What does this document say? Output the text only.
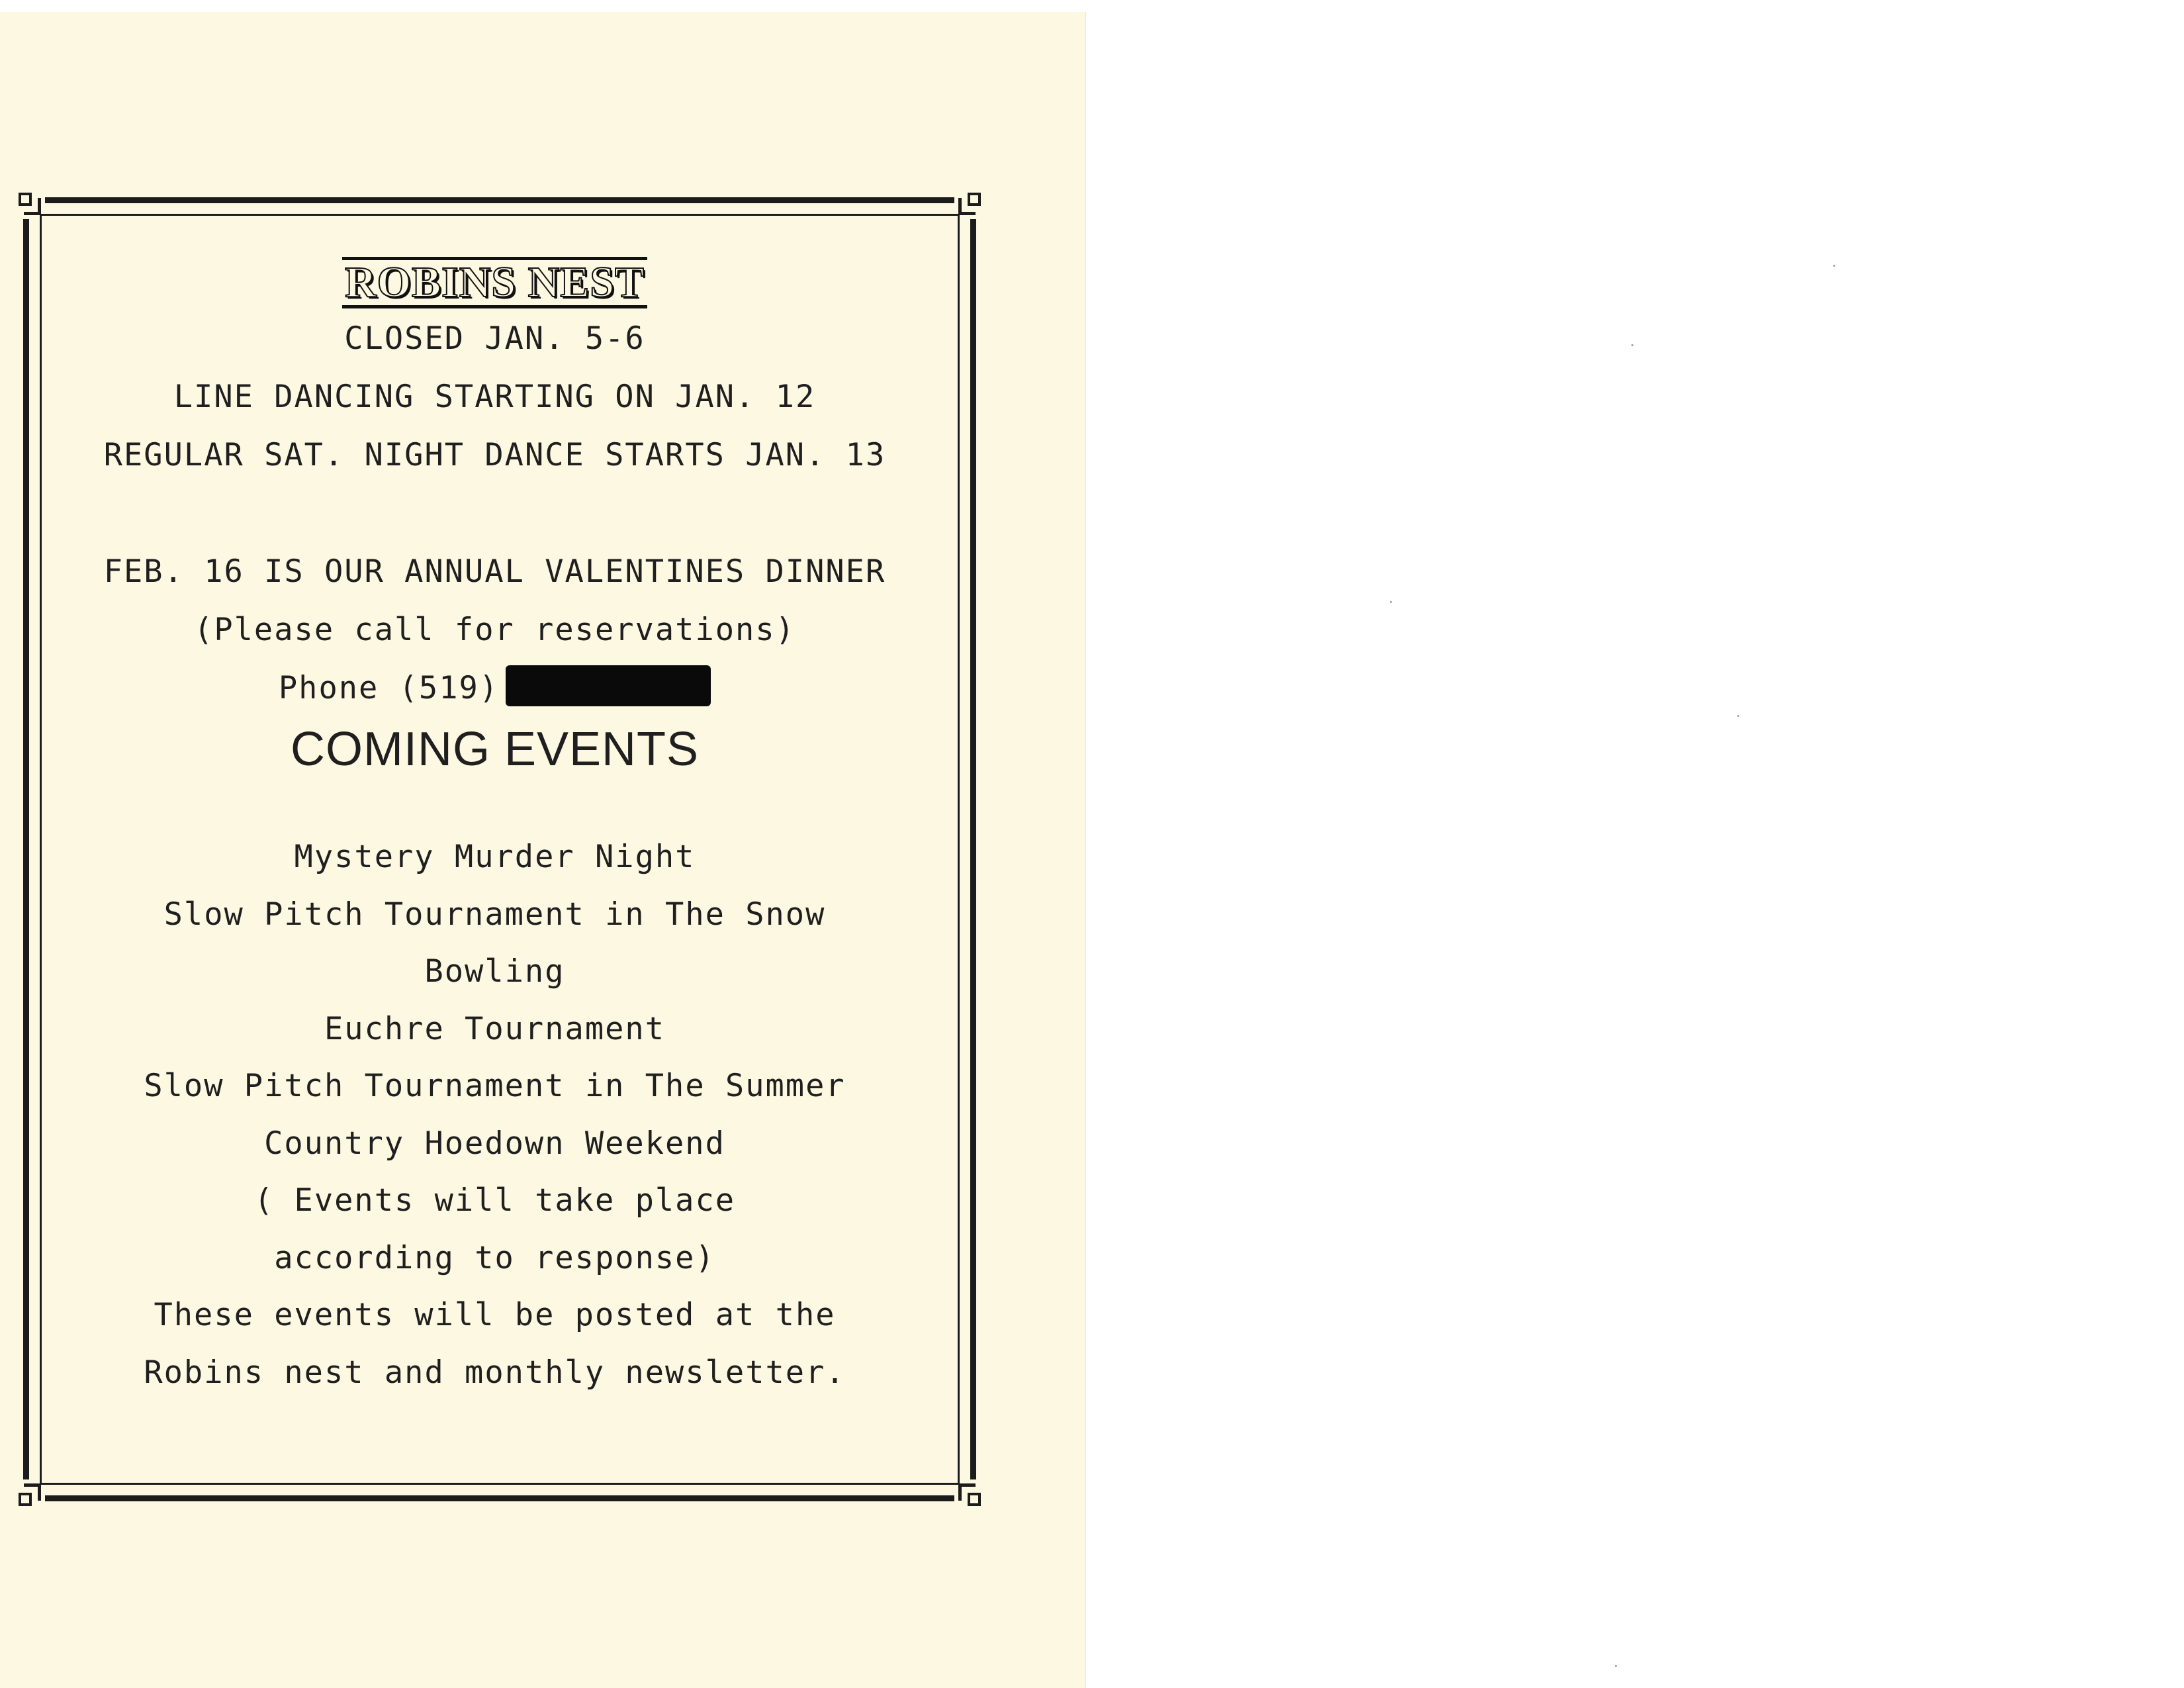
ROBINS NEST
CLOSED JAN. 5-6
LINE DANCING STARTING ON JAN. 12
REGULAR SAT. NIGHT DANCE STARTS JAN. 13
FEB. 16 IS OUR ANNUAL VALENTINES DINNER
(Please call for reservations)
Phone (519)
COMING EVENTS
Mystery Murder Night
Slow Pitch Tournament in The Snow
Bowling
Euchre Tournament
Slow Pitch Tournament in The Summer
Country Hoedown Weekend
( Events will take place
according to response)
These events will be posted at the
Robins nest and monthly newsletter.
